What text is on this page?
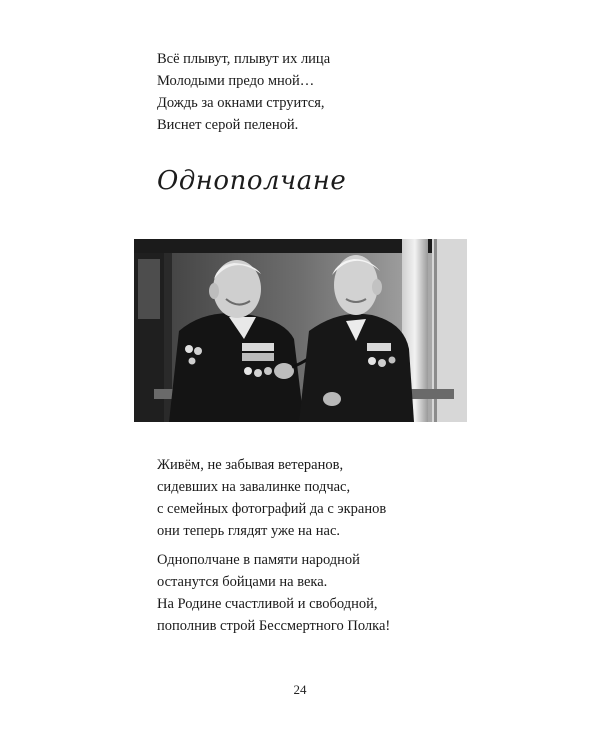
Всё плывут, плывут их лица
Молодыми предо мной…
Дождь за окнами струится,
Виснет серой пеленой.
Однополчане
Живём, не забывая ветеранов,
сидевших на завалинке подчас,
с семейных фотографий да с экранов
они теперь глядят уже на нас.
Однополчане в памяти народной
останутся бойцами на века.
На Родине счастливой и свободной,
пополнив строй Бессмертного Полка!
24
